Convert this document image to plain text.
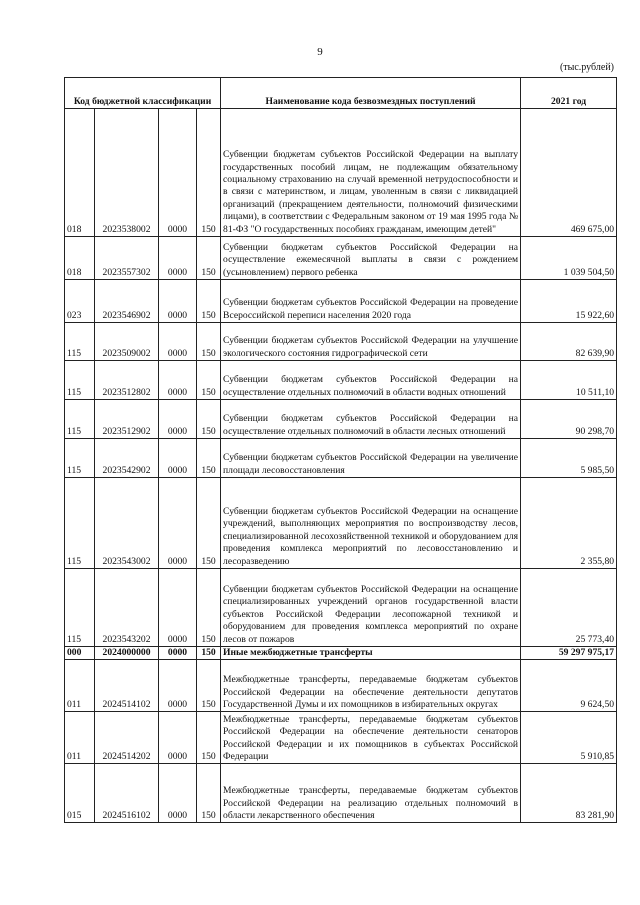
9
(тыс.рублей)
Код бюджетной классификации				Наименование кода безвозмездных поступлений	2021 год
018	2023538002	0000	150	Субвенции бюджетам субъектов Российской Федерации на выплату государственных пособий лицам, не подлежащим обязательному социальному страхованию на случай временной нетрудоспособности и в связи с материнством, и лицам, уволенным в связи с ликвидацией организаций (прекращением деятельности, полномочий физическими лицами), в соответствии с Федеральным законом от 19 мая 1995 года № 81-ФЗ "О государственных пособиях гражданам, имеющим детей"	469 675,00
018	2023557302	0000	150	Субвенции бюджетам субъектов Российской Федерации на осуществление ежемесячной выплаты в связи с рождением (усыновлением) первого ребенка	1 039 504,50
023	2023546902	0000	150	Субвенции бюджетам субъектов Российской Федерации на проведение Всероссийской переписи населения 2020 года	15 922,60
115	2023509002	0000	150	Субвенции бюджетам субъектов Российской Федерации на улучшение экологического состояния гидрографической сети	82 639,90
115	2023512802	0000	150	Субвенции бюджетам субъектов Российской Федерации на осуществление отдельных полномочий в области водных отношений	10 511,10
115	2023512902	0000	150	Субвенции бюджетам субъектов Российской Федерации на осуществление отдельных полномочий в области лесных отношений	90 298,70
115	2023542902	0000	150	Субвенции бюджетам субъектов Российской Федерации на увеличение площади лесовосстановления	5 985,50
115	2023543002	0000	150	Субвенции бюджетам субъектов Российской Федерации на оснащение учреждений, выполняющих мероприятия по воспроизводству лесов, специализированной лесохозяйственной техникой и оборудованием для проведения комплекса мероприятий по лесовосстановлению и лесоразведению	2 355,80
115	2023543202	0000	150	Субвенции бюджетам субъектов Российской Федерации на оснащение специализированных учреждений органов государственной власти субъектов Российской Федерации лесопожарной техникой и оборудованием для проведения комплекса мероприятий по охране лесов от пожаров	25 773,40
000	2024000000	0000	150	Иные межбюджетные трансферты	59 297 975,17
011	2024514102	0000	150	Межбюджетные трансферты, передаваемые бюджетам субъектов Российской Федерации на обеспечение деятельности депутатов Государственной Думы и их помощников в избирательных округах	9 624,50
011	2024514202	0000	150	Межбюджетные трансферты, передаваемые бюджетам субъектов Российской Федерации на обеспечение деятельности сенаторов Российской Федерации и их помощников в субъектах Российской Федерации	5 910,85
015	2024516102	0000	150	Межбюджетные трансферты, передаваемые бюджетам субъектов Российской Федерации на реализацию отдельных полномочий в области лекарственного обеспечения	83 281,90
